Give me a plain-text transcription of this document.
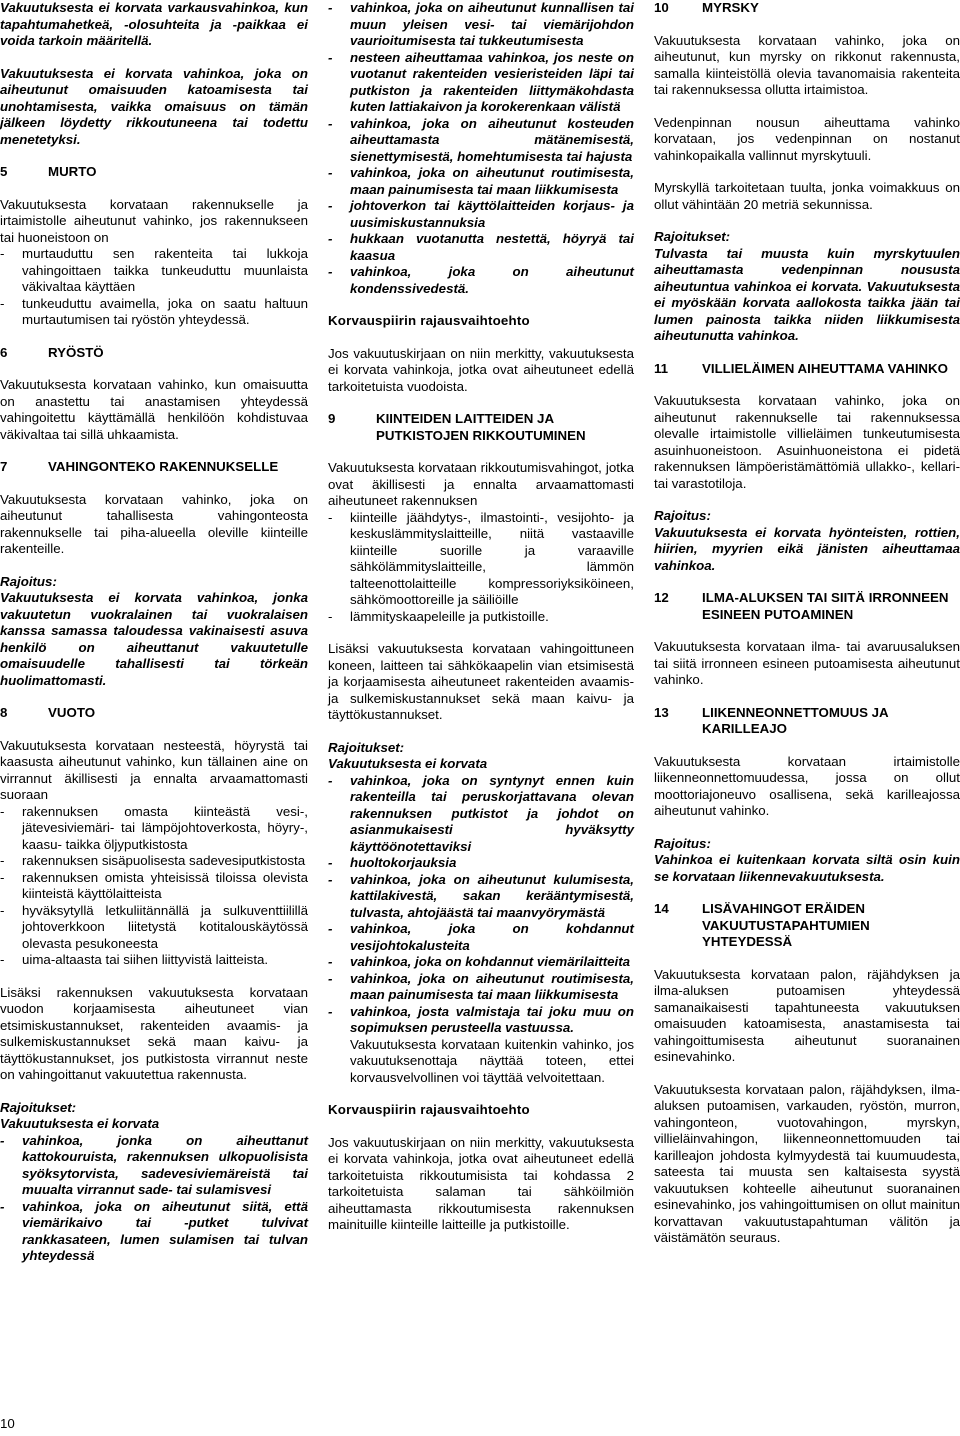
Vakuutuksesta ei korvata varkausvahinkoa, kun tapahtumahetkeä, -olosuhteita ja -paikkaa ei voida tarkoin määritellä.

Vakuutuksesta ei korvata vahinkoa, joka on aiheutunut omaisuuden katoamisesta tai unohtamisesta, vaikka omaisuus on tämän jälkeen löydetty rikkoutuneena tai todettu menetetyksi.

5	MURTO

Vakuutuksesta korvataan rakennukselle ja irtaimistolle aiheutunut vahinko, jos rakennukseen tai huoneistoon on

- murtauduttu sen rakenteita tai lukkoja vahingoittaen taikka tunkeuduttu muunlaista väkivaltaa käyttäen
- tunkeuduttu avaimella, joka on saatu haltuun murtautumisen tai ryöstön yhteydessä.
6	RYÖSTÖ

Vakuutuksesta korvataan vahinko, kun omaisuutta on anastettu tai anastamisen yhteydessä vahingoitettu käyttämällä henkilöön kohdistuvaa väkivaltaa tai sillä uhkaamista.

7	VAHINGONTEKO RAKENNUKSELLE

Vakuutuksesta korvataan vahinko, joka on aiheutunut tahallisesta vahingonteosta rakennukselle tai piha-alueella oleville kiinteille rakenteille.

Rajoitus:
Vakuutuksesta ei korvata vahinkoa, jonka vakuutetun vuokralainen tai vuokralaisen kanssa samassa taloudessa vakinaisesti asuva henkilö on aiheuttanut vakuutetulle omaisuudelle tahallisesti tai törkeän huolimattomasti.
8	VUOTO

Vakuutuksesta korvataan nesteestä, höyrystä tai kaasusta aiheutunut vahinko, kun tällainen aine on virrannut äkillisesti ja ennalta arvaamattomasti suoraan

- rakennuksen omasta kiinteästä vesi-, jätevesiviemäri- tai lämpöjohtoverkosta, höyry-, kaasu- taikka öljyputkistosta
- rakennuksen sisäpuolisesta sadevesiputkistosta
- rakennuksen omista yhteisissä tiloissa olevista kiinteistä käyttölaitteista
- hyväksytyllä letkuliitännällä ja sulkuventtiilillä johtoverkkoon liitetystä kotitalouskäytössä olevasta pesukoneesta
- uima-altaasta tai siihen liittyvistä laitteista.

Lisäksi rakennuksen vakuutuksesta korvataan vuodon korjaamisesta aiheutuneet vian etsimiskustannukset, rakenteiden avaamis- ja sulkemiskustannukset sekä maan kaivu- ja täyttökustannukset, jos putkistosta virrannut neste on vahingoittanut vakuutettua rakennusta.

Rajoitukset:
Vakuutuksesta ei korvata
- vahinkoa, jonka on aiheuttanut kattokouruista, rakennuksen ulkopuolisista syöksytorvista, sadevesiviemäreistä tai muualta virrannut sade- tai sulamisvesi
- vahinkoa, joka on aiheutunut siitä, että viemärikaivo tai -putket tulvivat rankkasateen, lumen sulamisen tai tulvan yhteydessä
- vahinkoa, joka on aiheutunut kunnallisen tai muun yleisen vesi- tai viemärijohdon vaurioitumisesta tai tukkeutumisesta
- nesteen aiheuttamaa vahinkoa, jos neste on vuotanut rakenteiden vesieristeiden läpi tai putkiston ja rakenteiden liittymäkohdasta kuten lattiakaivon ja korokerenkaan välistä
- vahinkoa, joka on aiheutunut kosteuden aiheuttamasta mätänemisestä, sienettymisestä, homehtumisesta tai hajusta
- vahinkoa, joka on aiheutunut routimisesta, maan painumisesta tai maan liikkumisesta
- johtoverkon tai käyttölaitteiden korjaus- ja uusimiskustannuksia
- hukkaan vuotanutta nestettä, höyryä tai kaasua
- vahinkoa, joka on aiheutunut kondenssivedestä.
Korvauspiirin rajausvaihtoehto

Jos vakuutuskirjaan on niin merkitty, vakuutuksesta ei korvata vahinkoja, jotka ovat aiheutuneet edellä tarkoitetuista vuodoista.

9	KIINTEIDEN LAITTEIDEN JA PUTKISTOJEN RIKKOUTUMINEN

Vakuutuksesta korvataan rikkoutumisvahingot, jotka ovat äkillisesti ja ennalta arvaamattomasti aiheutuneet rakennuksen

- kiinteille jäähdytys-, ilmastointi-, vesijohto- ja keskuslämmityslaitteille, niitä vastaaville kiinteille suorille ja varaaville sähkölämmityslaitteille, lämmön talteenottolaitteille kompressoriyksiköineen, sähkömoottoreille ja säiliöille
- lämmityskaapeleille ja putkistoille.

Lisäksi vakuutuksesta korvataan vahingoittuneen koneen, laitteen tai sähkökaapelin vian etsimisestä ja korjaamisesta aiheutuneet rakenteiden avaamis- ja sulkemiskustannukset sekä maan kaivu- ja täyttökustannukset.

Rajoitukset:
Vakuutuksesta ei korvata
- vahinkoa, joka on syntynyt ennen kuin rakenteilla tai peruskorjattavana olevan rakennuksen putkistot ja johdot on asianmukaisesti hyväksytty käyttöönotettaviksi
- huoltokorjauksia
- vahinkoa, joka on aiheutunut kulumisesta, kattilakivestä, sakan kerääntymisestä, tulvasta, ahtojäästä tai maanvyörymästä
- vahinkoa, joka on kohdannut vesijohtokalusteita
- vahinkoa, joka on kohdannut viemärilaitteita
- vahinkoa, joka on aiheutunut routimisesta, maan painumisesta tai maan liikkumisesta
- vahinkoa, josta valmistaja tai joku muu on sopimuksen perusteella vastuussa.

Vakuutuksesta korvataan kuitenkin vahinko, jos vakuutuksenottaja näyttää toteen, ettei korvausvelvollinen voi täyttää velvoitettaan.

Korvauspiirin rajausvaihtoehto

Jos vakuutuskirjaan on niin merkitty, vakuutuksesta ei korvata vahinkoja, jotka ovat aiheutuneet edellä tarkoitetuista rikkoutumisista tai kohdassa 2 tarkoitetuista salaman tai sähköilmiön aiheuttamasta rikkoutumisesta rakennuksen mainituille kiinteille laitteille ja putkistoille.

10	MYRSKY

Vakuutuksesta korvataan vahinko, joka on aiheutunut, kun myrsky on rikkonut rakennusta, samalla kiinteistöllä olevia tavanomaisia rakenteita tai rakennuksessa ollutta irtaimistoa.

Vedenpinnan nousun aiheuttama vahinko korvataan, jos vedenpinnan on nostanut vahinkopaikalla vallinnut myrskytuuli.

Myrskyllä tarkoitetaan tuulta, jonka voimakkuus on ollut vähintään 20 metriä sekunnissa.

Rajoitukset:
Tulvasta tai muusta kuin myrskytuulen aiheuttamasta vedenpinnan noususta aiheutuntua vahinkoa ei korvata. Vakuutuksesta ei myöskään korvata aallokosta taikka jään tai lumen painosta taikka niiden liikkumisesta aiheutunutta vahinkoa.
11	VILLIELÄIMEN AIHEUTTAMA VAHINKO

Vakuutuksesta korvataan vahinko, joka on aiheutunut rakennukselle tai rakennuksessa olevalle irtaimistolle villieläimen tunkeutumisesta asuinhuoneistoon. Asuinhuoneistona ei pidetä rakennuksen lämpöeristämättömiä ullakko-, kellari- tai varastotiloja.

Rajoitus:
Vakuutuksesta ei korvata hyönteisten, rottien, hiirien, myyrien eikä jänisten aiheuttamaa vahinkoa.
12	ILMA-ALUKSEN TAI SIITÄ IRRONNEEN ESINEEN PUTOAMINEN

Vakuutuksesta korvataan ilma- tai avaruusaluksen tai siitä irronneen esineen putoamisesta aiheutunut vahinko.

13	LIIKENNEONNETTOMUUS JA KARILLEAJO

Vakuutuksesta korvataan irtaimistolle liikenneonnettomuudessa, jossa on ollut moottoriajoneuvo osallisena, sekä karilleajossa aiheutunut vahinko.

Rajoitus:
Vahinkoa ei kuitenkaan korvata siltä osin kuin se korvataan liikennevakuutuksesta.
14	LISÄVAHINGOT ERÄIDEN VAKUUTUSTAPAHTUMIEN YHTEYDESSÄ

Vakuutuksesta korvataan palon, räjähdyksen ja ilma-aluksen putoamisen yhteydessä samanaikaisesti tapahtuneesta vakuutuksen omaisuuden katoamisesta, anastamisesta tai vahingoittumisesta aiheutunut suoranainen esinevahinko.

Vakuutuksesta korvataan palon, räjähdyksen, ilma-aluksen putoamisen, varkauden, ryöstön, murron, vahingonteon, vuotovahingon, myrskyn, villieläinvahingon, liikenneonnettomuuden tai karilleajon johdosta kylmyydestä tai kuumuudesta, sateesta tai muusta sen kaltaisesta syystä vakuutuksen kohteelle aiheutunut suoranainen esinevahinko, jos vahingoittumisen on ollut mainitun korvattavan vakuutustapahtuman välitön ja väistämätön seuraus.

10
